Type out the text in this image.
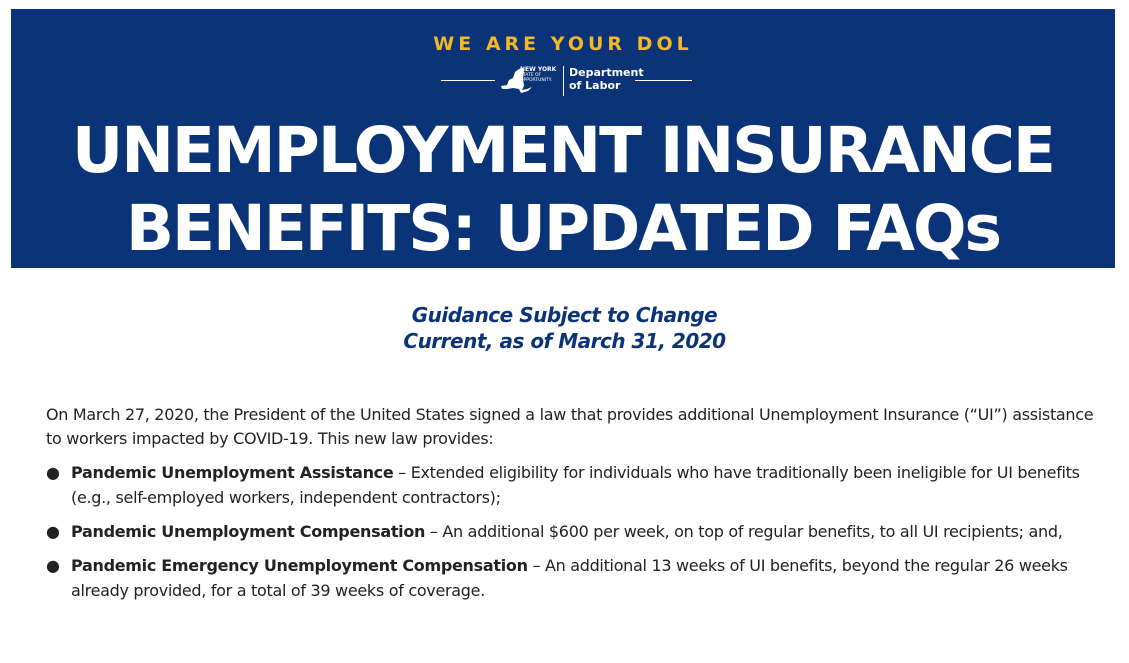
WE ARE YOUR DOL
NEW YORK
STATE OF
OPPORTUNITY.
Department
of Labor
UNEMPLOYMENT INSURANCE
BENEFITS: UPDATED FAQs
Guidance Subject to Change
Current, as of March 31, 2020
On March 27, 2020, the President of the United States signed a law that provides additional Unemployment Insurance (“UI”) assistance to workers impacted by COVID-19. This new law provides:
● Pandemic Unemployment Assistance – Extended eligibility for individuals who have traditionally been ineligible for UI benefits (e.g., self-employed workers, independent contractors);
● Pandemic Unemployment Compensation – An additional $600 per week, on top of regular benefits, to all UI recipients; and,
● Pandemic Emergency Unemployment Compensation – An additional 13 weeks of UI benefits, beyond the regular 26 weeks already provided, for a total of 39 weeks of coverage.
